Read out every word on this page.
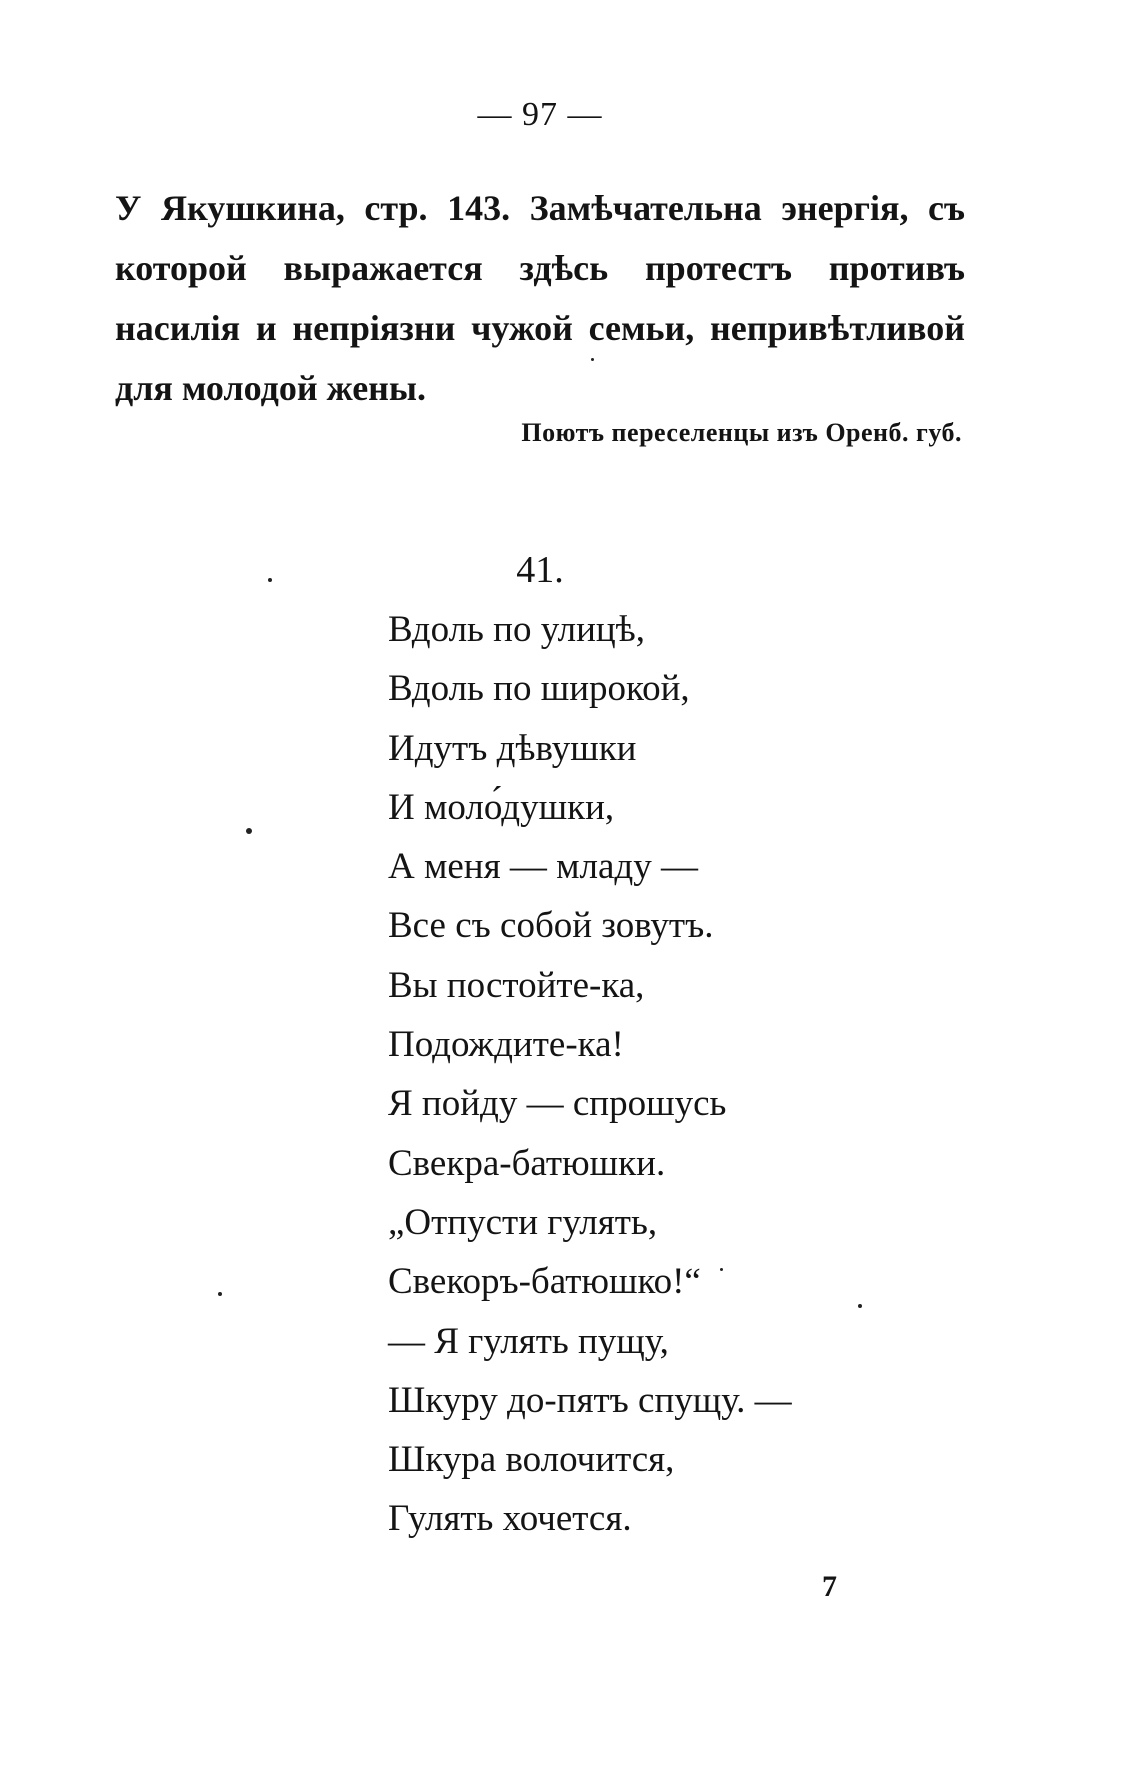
— 97 —

У Якушкина, стр. 143. Замѣчательна энергія, съ которой выражается здѣсь протестъ противъ насилія и непріязни чужой семьи, непривѣтливой для молодой жены.

Поютъ переселенцы изъ Оренб. губ.
41.
Вдоль по улицѣ,
Вдоль по широкой,
Идутъ дѣвушки
И моло́душки,
А меня — младу —
Все съ собой зовутъ.
Вы постойте-ка,
Подождите-ка!
Я пойду — спрошусь
Свекра-батюшки.
„Отпусти гулять,
Свекоръ-батюшко!“
— Я гулять пущу,
Шкуру до-пятъ спущу. —
Шкура волочится,
Гулять хочется.
7
